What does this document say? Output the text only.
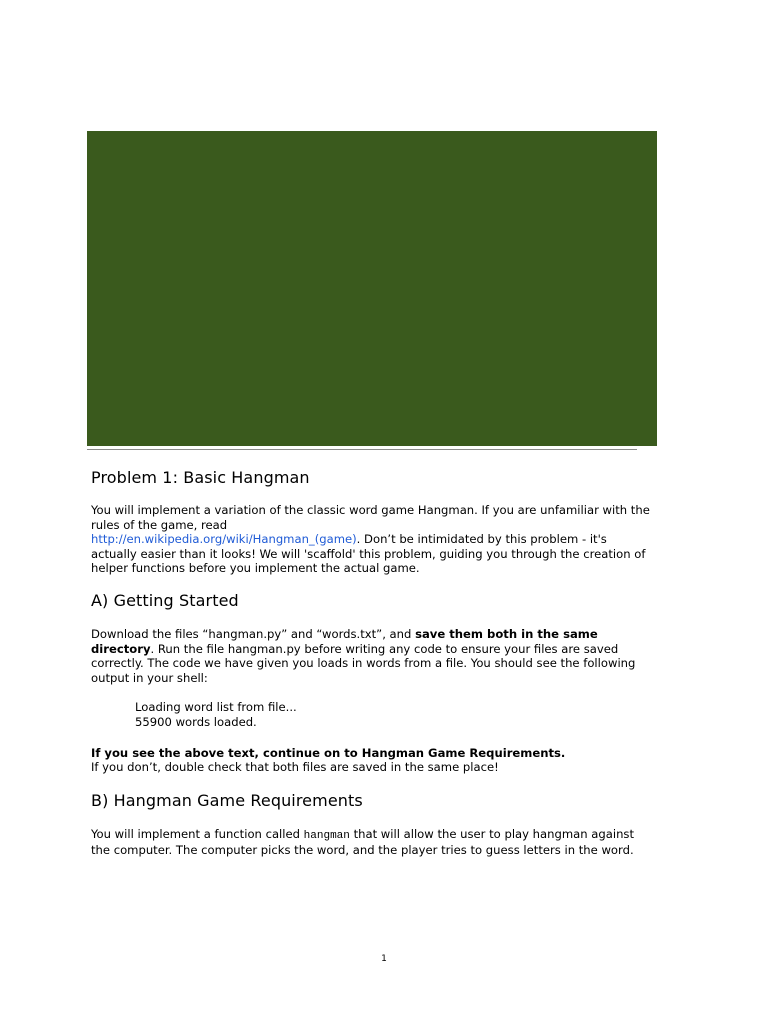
Problem 1: Basic Hangman

You will implement a variation of the classic word game Hangman. If you are unfamiliar with the rules of the game, read
http://en.wikipedia.org/wiki/Hangman_(game). Don’t be intimidated by this problem - it's actually easier than it looks! We will 'scaffold' this problem, guiding you through the creation of helper functions before you implement the actual game.

A) Getting Started

Download the files “hangman.py” and “words.txt”, and save them both in the same directory. Run the file hangman.py before writing any code to ensure your files are saved correctly. The code we have given you loads in words from a file. You should see the following output in your shell:

Loading word list from file...

55900 words loaded.

If you see the above text, continue on to Hangman Game Requirements.
If you don’t, double check that both files are saved in the same place!

B) Hangman Game Requirements

You will implement a function called hangman that will allow the user to play hangman against the computer. The computer picks the word, and the player tries to guess letters in the word.

1
